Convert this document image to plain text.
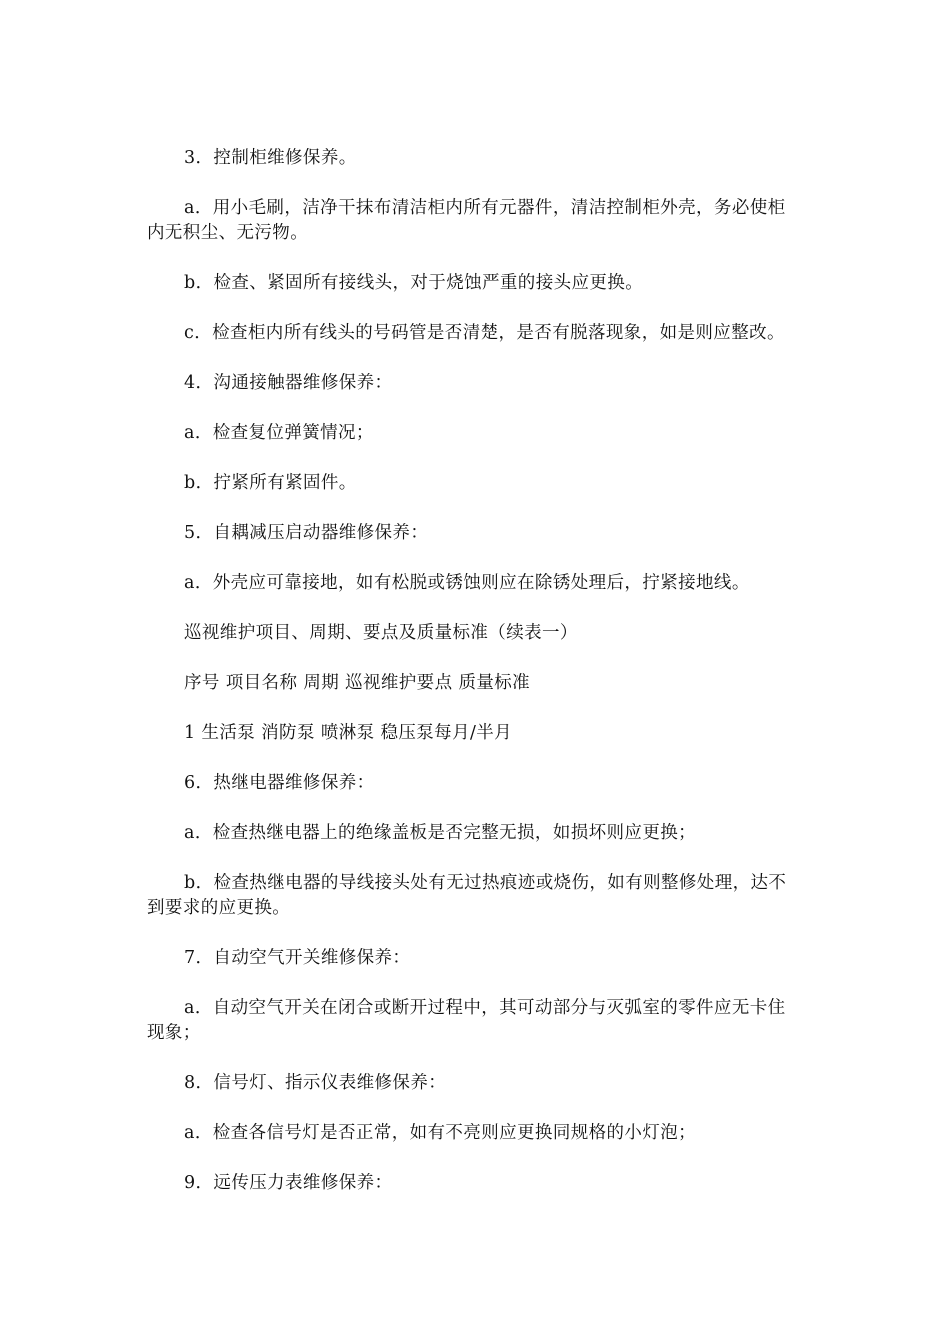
3．控制柜维修保养。

a．用小毛刷，洁净干抹布清洁柜内所有元器件，清洁控制柜外壳，务必使柜内无积尘、无污物。

b．检查、紧固所有接线头，对于烧蚀严重的接头应更换。

c．检查柜内所有线头的号码管是否清楚，是否有脱落现象，如是则应整改。

4．沟通接触器维修保养：

a．检查复位弹簧情况；

b．拧紧所有紧固件。

5．自耦减压启动器维修保养：

a．外壳应可靠接地，如有松脱或锈蚀则应在除锈处理后，拧紧接地线。

巡视维护项目、周期、要点及质量标准（续表一）

序号 项目名称 周期 巡视维护要点 质量标准

1 生活泵 消防泵 喷淋泵 稳压泵每月/半月

6．热继电器维修保养：

a．检查热继电器上的绝缘盖板是否完整无损，如损坏则应更换；

b．检查热继电器的导线接头处有无过热痕迹或烧伤，如有则整修处理，达不到要求的应更换。

7．自动空气开关维修保养：

a．自动空气开关在闭合或断开过程中，其可动部分与灭弧室的零件应无卡住现象；

8．信号灯、指示仪表维修保养：

a．检查各信号灯是否正常，如有不亮则应更换同规格的小灯泡；

9．远传压力表维修保养：
